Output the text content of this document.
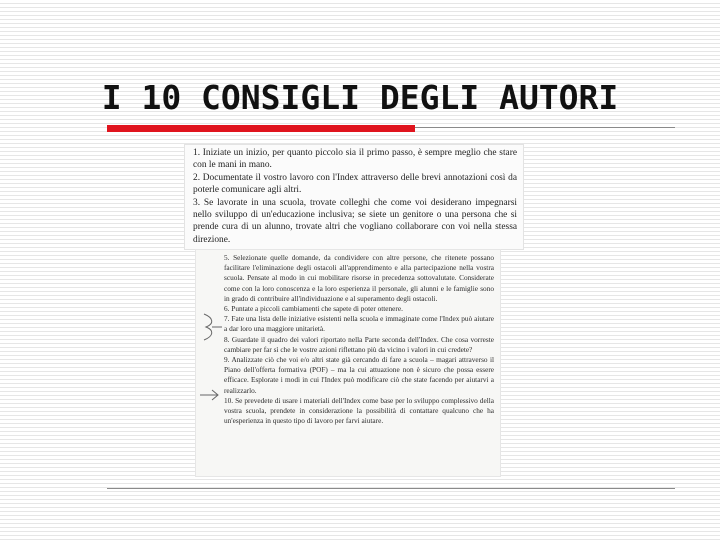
I 10 CONSIGLI DEGLI AUTORI

1. Iniziate un inizio, per quanto piccolo sia il primo passo, è sempre meglio che stare con le mani in mano.

2. Documentate il vostro lavoro con l'Index attraverso delle brevi annotazioni così da poterle comunicare agli altri.

3. Se lavorate in una scuola, trovate colleghi che come voi desiderano impegnarsi nello sviluppo di un'educazione inclusiva; se siete un genitore o una persona che si prende cura di un alunno, trovate altri che vogliano collaborare con voi nella stessa direzione.

5. Selezionate quelle domande, da condividere con altre persone, che ritenete possano facilitare l'eliminazione degli ostacoli all'apprendimento e alla partecipazione nella vostra scuola. Pensate al modo in cui mobilitare risorse in precedenza sottovalutate. Considerate come con la loro conoscenza e la loro esperienza il personale, gli alunni e le famiglie sono in grado di contribuire all'individuazione e al superamento degli ostacoli.

6. Puntate a piccoli cambiamenti che sapete di poter ottenere.

7. Fate una lista delle iniziative esistenti nella scuola e immaginate come l'Index può aiutare a dar loro una maggiore unitarietà.

8. Guardate il quadro dei valori riportato nella Parte seconda dell'Index. Che cosa vorreste cambiare per far sì che le vostre azioni riflettano più da vicino i valori in cui credete?

9. Analizzate ciò che voi e/o altri state già cercando di fare a scuola – magari attraverso il Piano dell'offerta formativa (POF) – ma la cui attuazione non è sicuro che possa essere efficace. Esplorate i modi in cui l'Index può modificare ciò che state facendo per aiutarvi a realizzarlo.

10. Se prevedete di usare i materiali dell'Index come base per lo sviluppo complessivo della vostra scuola, prendete in considerazione la possibilità di contattare qualcuno che ha un'esperienza in questo tipo di lavoro per farvi aiutare.
